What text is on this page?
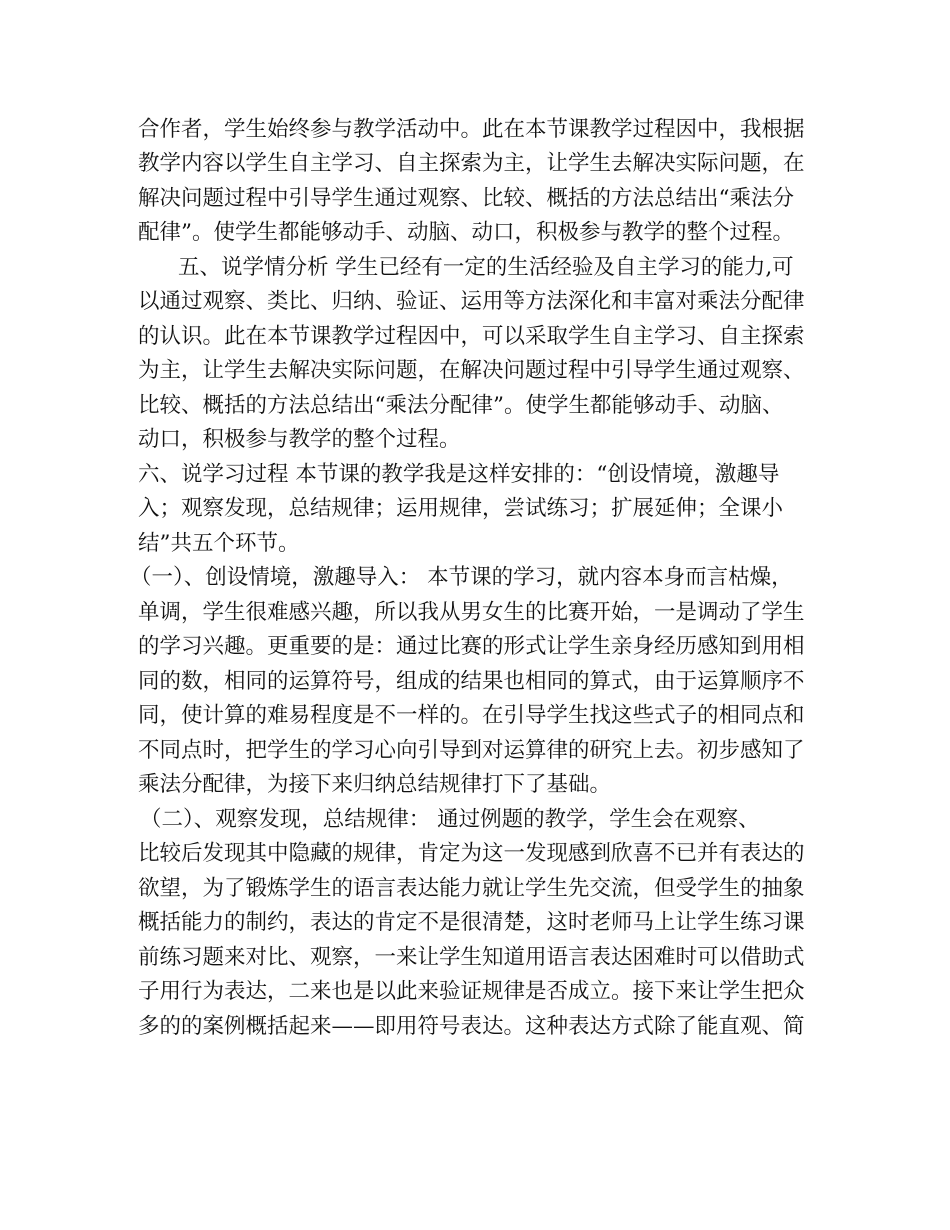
合作者，学生始终参与教学活动中。此在本节课教学过程因中，我根据
教学内容以学生自主学习、自主探索为主，让学生去解决实际问题，在
解决问题过程中引导学生通过观察、比较、概括的方法总结出“乘法分
配律”。使学生都能够动手、动脑、动口，积极参与教学的整个过程。
五、说学情分析 学生已经有一定的生活经验及自主学习的能力,可
以通过观察、类比、归纳、验证、运用等方法深化和丰富对乘法分配律
的认识。此在本节课教学过程因中，可以采取学生自主学习、自主探索
为主，让学生去解决实际问题，在解决问题过程中引导学生通过观察、
比较、概括的方法总结出“乘法分配律”。使学生都能够动手、动脑、
动口，积极参与教学的整个过程。
六、说学习过程 本节课的教学我是这样安排的：“创设情境，激趣导
入；观察发现，总结规律；运用规律，尝试练习；扩展延伸；全课小
结”共五个环节。
（一）、创设情境，激趣导入： 本节课的学习，就内容本身而言枯燥，
单调，学生很难感兴趣，所以我从男女生的比赛开始，一是调动了学生
的学习兴趣。更重要的是：通过比赛的形式让学生亲身经历感知到用相
同的数，相同的运算符号，组成的结果也相同的算式，由于运算顺序不
同，使计算的难易程度是不一样的。在引导学生找这些式子的相同点和
不同点时，把学生的学习心向引导到对运算律的研究上去。初步感知了
乘法分配律，为接下来归纳总结规律打下了基础。
（二）、观察发现，总结规律： 通过例题的教学，学生会在观察、
比较后发现其中隐藏的规律，肯定为这一发现感到欣喜不已并有表达的
欲望，为了锻炼学生的语言表达能力就让学生先交流，但受学生的抽象
概括能力的制约，表达的肯定不是很清楚，这时老师马上让学生练习课
前练习题来对比、观察，一来让学生知道用语言表达困难时可以借助式
子用行为表达，二来也是以此来验证规律是否成立。接下来让学生把众
多的的案例概括起来——即用符号表达。这种表达方式除了能直观、简
